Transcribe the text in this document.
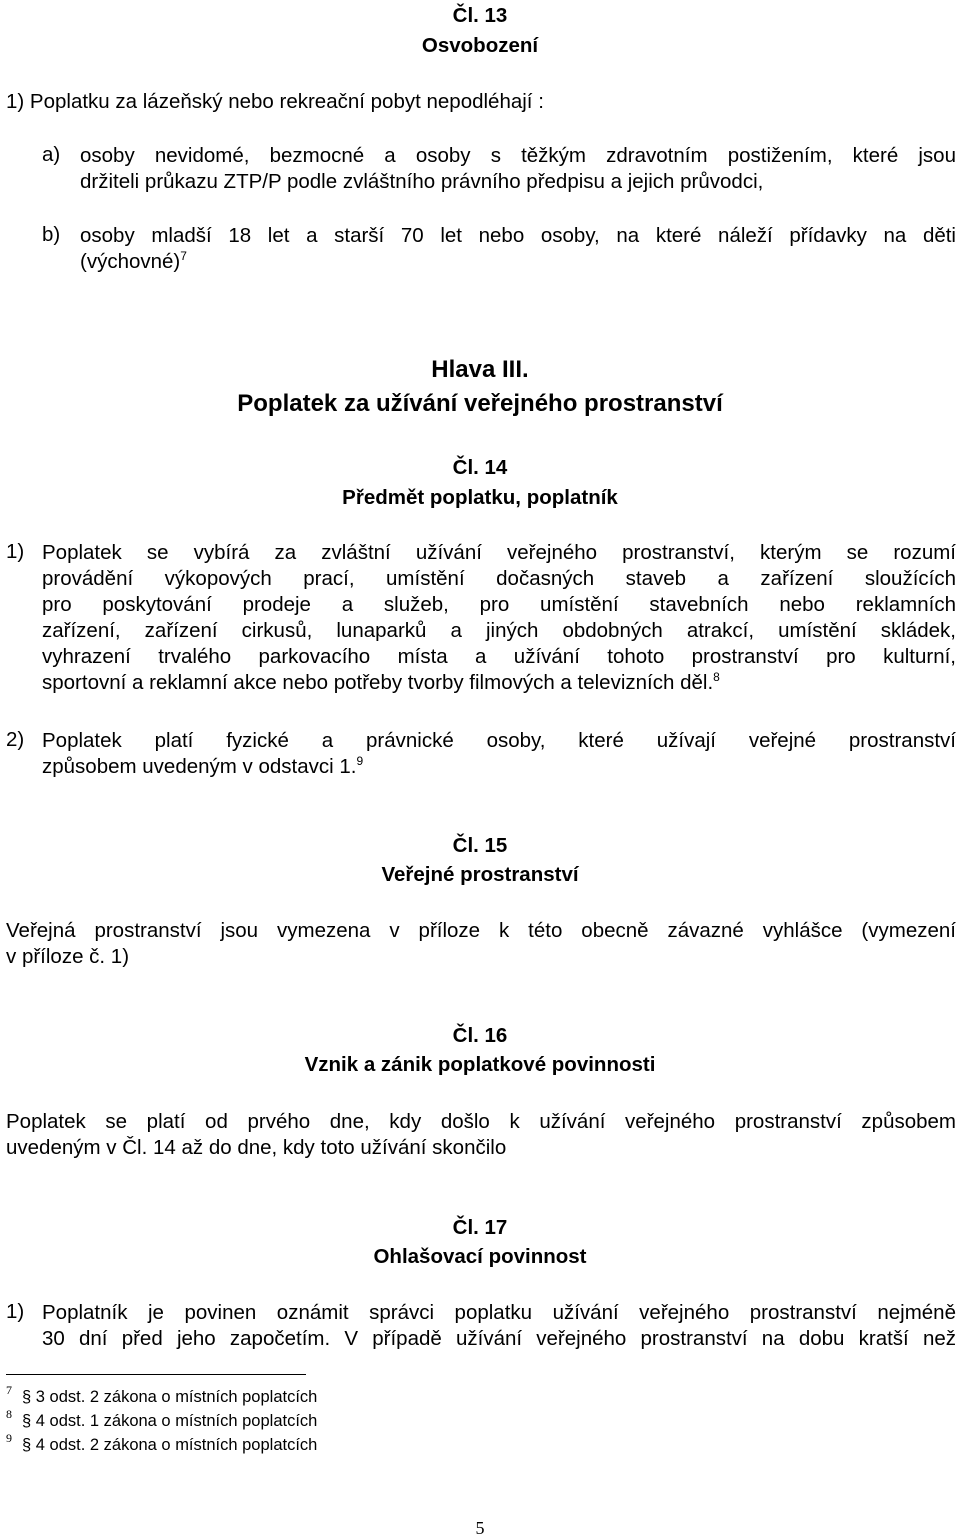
Čl. 13
Osvobození
1) Poplatku za lázeňský nebo rekreační pobyt nepodléhají :
a) osoby nevidomé, bezmocné a osoby s těžkým zdravotním postižením, které jsou
držiteli průkazu ZTP/P podle zvláštního právního předpisu a jejich průvodci,
b) osoby mladší 18 let a starší 70 let nebo osoby, na které náleží přídavky na děti
(výchovné)$^7$
Hlava III.
Poplatek za užívání veřejného prostranství
Čl. 14
Předmět poplatku, poplatník
1) Poplatek se vybírá za zvláštní užívání veřejného prostranství, kterým se rozumí
provádění výkopových prací, umístění dočasných staveb a zařízení sloužících
pro poskytování prodeje a služeb, pro umístění stavebních nebo reklamních
zařízení, zařízení cirkusů, lunaparků a jiných obdobných atrakcí, umístění skládek,
vyhrazení trvalého parkovacího místa a užívání tohoto prostranství pro kulturní,
sportovní a reklamní akce nebo potřeby tvorby filmových a televizních děl.$^8$
2) Poplatek platí fyzické a právnické osoby, které užívají veřejné prostranství
způsobem uvedeným v odstavci 1.$^9$
Čl. 15
Veřejné prostranství
Veřejná prostranství jsou vymezena v příloze k této obecně závazné vyhlášce (vymezení
v příloze č. 1)
Čl. 16
Vznik a zánik poplatkové povinnosti
Poplatek se platí od prvého dne, kdy došlo k užívání veřejného prostranství způsobem
uvedeným v Čl. 14 až do dne, kdy toto užívání skončilo
Čl. 17
Ohlašovací povinnost
1) Poplatník je povinen oznámit správci poplatku užívání veřejného prostranství nejméně
30 dní před jeho započetím. V případě užívání veřejného prostranství na dobu kratší než
$^7$ § 3 odst. 2 zákona o místních poplatcích
$^8$ § 4 odst. 1 zákona o místních poplatcích
$^9$ § 4 odst. 2 zákona o místních poplatcích
5
